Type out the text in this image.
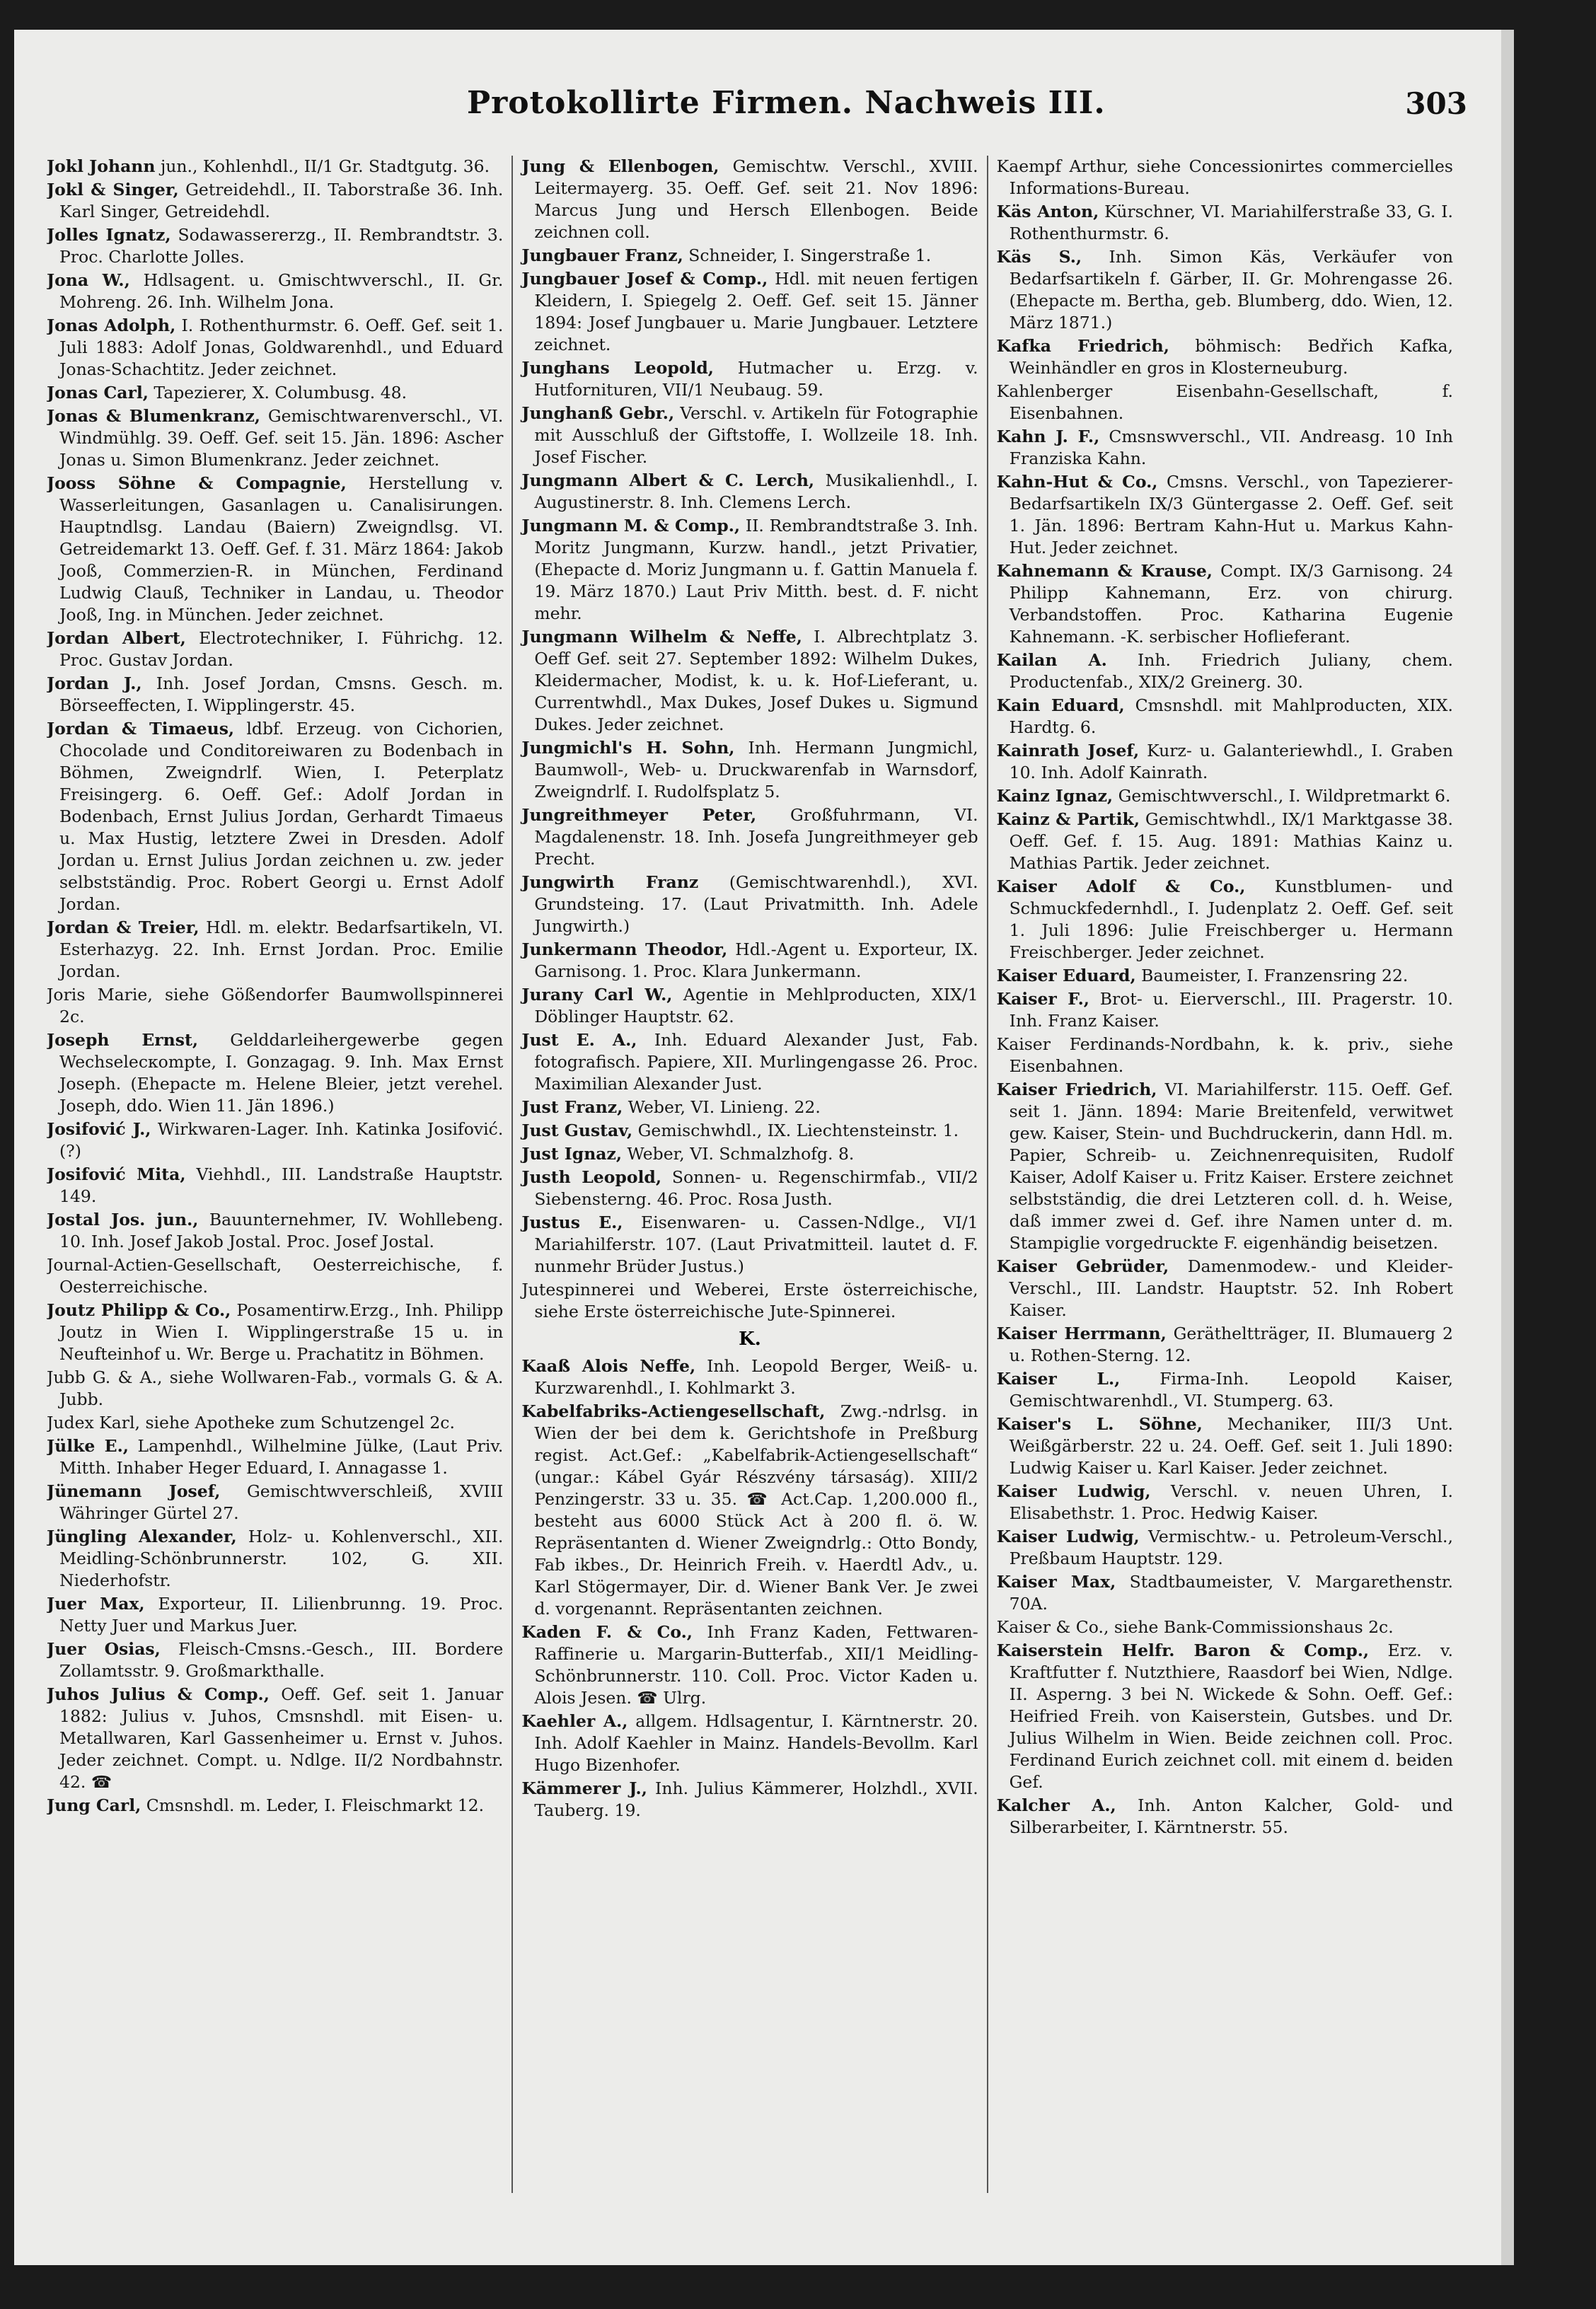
Protokollirte Firmen. Nachweis III.	303
Jokl Johann jun., Kohlenhdl., II/1 Gr. Stadtgutg. 36.
Jokl & Singer, Getreidehdl., II. Taborstraße 36. Inh. Karl Singer, Getreidehdl.
Jolles Ignatz, Sodawassererzg., II. Rembrandtstr. 3. Proc. Charlotte Jolles.
Jona W., Hdlsagent. u. Gmischtwverschl., II. Gr. Mohreng. 26. Inh. Wilhelm Jona.
Jonas Adolph, I. Rothenthurmstr. 6. Oeff. Gef. seit 1. Juli 1883: Adolf Jonas, Goldwarenhdl., und Eduard Jonas-Schachtitz. Jeder zeichnet.
Jonas Carl, Tapezierer, X. Columbusg. 48.
Jonas & Blumenkranz, Gemischtwarenverschl., VI. Windmühlg. 39. Oeff. Gef. seit 15. Jän. 1896: Ascher Jonas u. Simon Blumenkranz. Jeder zeichnet.
Jooss Söhne & Compagnie, Herstellung v. Wasserleitungen, Gasanlagen u. Canalisirungen. Hauptndlsg. Landau (Baiern) Zweigndlsg. VI. Getreidemarkt 13. Oeff. Gef. f. 31. März 1864: Jakob Jooß, Commerzien-R. in München, Ferdinand Ludwig Clauß, Techniker in Landau, u. Theodor Jooß, Ing. in München. Jeder zeichnet.
Jordan Albert, Electrotechniker, I. Führichg. 12. Proc. Gustav Jordan.
Jordan J., Inh. Josef Jordan, Cmsns. Gesch. m. Börseeffecten, I. Wipplingerstr. 45.
Jordan & Timaeus, ldbf. Erzeug. von Cichorien, Chocolade und Conditoreiwaren zu Bodenbach in Böhmen, Zweigndrlf. Wien, I. Peterplatz Freisingerg. 6. Oeff. Gef.: Adolf Jordan in Bodenbach, Ernst Julius Jordan, Gerhardt Timaeus u. Max Hustig, letztere Zwei in Dresden. Adolf Jordan u. Ernst Julius Jordan zeichnen u. zw. jeder selbstständig. Proc. Robert Georgi u. Ernst Adolf Jordan.
Jordan & Treier, Hdl. m. elektr. Bedarfsartikeln, VI. Esterhazyg. 22. Inh. Ernst Jordan. Proc. Emilie Jordan.
Joris Marie, siehe Gößendorfer Baumwollspinnerei 2c.
Joseph Ernst, Gelddarleihergewerbe gegen Wechseleскompte, I. Gonzagag. 9. Inh. Max Ernst Joseph. (Ehepacte m. Helene Bleier, jetzt verehel. Joseph, ddo. Wien 11. Jän 1896.)
Josifović J., Wirkwaren-Lager. Inh. Katinka Josifović. (?)
Josifović Mita, Viehhdl., III. Landstraße Hauptstr. 149.
Jostal Jos. jun., Bauunternehmer, IV. Wohllebeng. 10. Inh. Josef Jakob Jostal. Proc. Josef Jostal.
Journal-Actien-Gesellschaft, Oesterreichische, f. Oesterreichische.
Joutz Philipp & Co., Posamentirw.Erzg., Inh. Philipp Joutz in Wien I. Wipplingerstraße 15 u. in Neufteinhof u. Wr. Berge u. Prachatitz in Böhmen.
Jubb G. & A., siehe Wollwaren-Fab., vormals G. & A. Jubb.
Judex Karl, siehe Apotheke zum Schutzengel 2c.
Jülke E., Lampenhdl., Wilhelmine Jülke, (Laut Priv. Mitth. Inhaber Heger Eduard, I. Annagasse 1.
Jünemann Josef, Gemischtwverschleiß, XVIII Währinger Gürtel 27.
Jüngling Alexander, Holz- u. Kohlenverschl., XII. Meidling-Schönbrunnerstr. 102, G. XII. Niederhofstr.
Juer Max, Exporteur, II. Lilienbrunng. 19. Proc. Netty Juer und Markus Juer.
Juer Osias, Fleisch-Cmsns.-Gesch., III. Bordere Zollamtsstr. 9. Großmarkthalle.
Juhos Julius & Comp., Oeff. Gef. seit 1. Januar 1882: Julius v. Juhos, Cmsnshdl. mit Eisen- u. Metallwaren, Karl Gassenheimer u. Ernst v. Juhos. Jeder zeichnet. Compt. u. Ndlge. II/2 Nordbahnstr. 42. ☎
Jung Carl, Cmsnshdl. m. Leder, I. Fleischmarkt 12.
Jung & Ellenbogen, Gemischtw. Verschl., XVIII. Leitermayerg. 35. Oeff. Gef. seit 21. Nov 1896: Marcus Jung und Hersch Ellenbogen. Beide zeichnen coll.
Jungbauer Franz, Schneider, I. Singerstraße 1.
Jungbauer Josef & Comp., Hdl. mit neuen fertigen Kleidern, I. Spiegelg 2. Oeff. Gef. seit 15. Jänner 1894: Josef Jungbauer u. Marie Jungbauer. Letztere zeichnet.
Junghans Leopold, Hutmacher u. Erzg. v. Hutfornituren, VII/1 Neubaug. 59.
Junghanß Gebr., Verschl. v. Artikeln für Fotographie mit Ausschluß der Giftstoffe, I. Wollzeile 18. Inh. Josef Fischer.
Jungmann Albert & C. Lerch, Musikalienhdl., I. Augustinerstr. 8. Inh. Clemens Lerch.
Jungmann M. & Comp., II. Rembrandtstraße 3. Inh. Moritz Jungmann, Kurzw. handl., jetzt Privatier, (Ehepacte d. Moriz Jungmann u. f. Gattin Manuela f. 19. März 1870.) Laut Priv Mitth. best. d. F. nicht mehr.
Jungmann Wilhelm & Neffe, I. Albrechtplatz 3. Oeff Gef. seit 27. September 1892: Wilhelm Dukes, Kleidermacher, Modist, k. u. k. Hof-Lieferant, u. Currentwhdl., Max Dukes, Josef Dukes u. Sigmund Dukes. Jeder zeichnet.
Jungmichl's H. Sohn, Inh. Hermann Jungmichl, Baumwoll-, Web- u. Druckwarenfab in Warnsdorf, Zweigndrlf. I. Rudolfsplatz 5.
Jungreithmeyer Peter, Großfuhrmann, VI. Magdalenenstr. 18. Inh. Josefa Jungreithmeyer geb Precht.
Jungwirth Franz (Gemischtwarenhdl.), XVI. Grundsteing. 17. (Laut Privatmitth. Inh. Adele Jungwirth.)
Junkermann Theodor, Hdl.-Agent u. Exporteur, IX. Garnisong. 1. Proc. Klara Junkermann.
Jurany Carl W., Agentie in Mehlproducten, XIX/1 Döblinger Hauptstr. 62.
Just E. A., Inh. Eduard Alexander Just, Fab. fotografisch. Papiere, XII. Murlingengasse 26. Proc. Maximilian Alexander Just.
Just Franz, Weber, VI. Linieng. 22.
Just Gustav, Gemischwhdl., IX. Liechtensteinstr. 1.
Just Ignaz, Weber, VI. Schmalzhofg. 8.
Justh Leopold, Sonnen- u. Regenschirmfab., VII/2 Siebensterng. 46. Proc. Rosa Justh.
Justus E., Eisenwaren- u. Cassen-Ndlge., VI/1 Mariahilferstr. 107. (Laut Privatmitteil. lautet d. F. nunmehr Brüder Justus.)
Jutespinnerei und Weberei, Erste österreichische, siehe Erste österreichische Jute-Spinnerei.
K.
Kaaß Alois Neffe, Inh. Leopold Berger, Weiß- u. Kurzwarenhdl., I. Kohlmarkt 3.
Kabelfabriks-Actiengesellschaft, Zwg.-ndrlsg. in Wien der bei dem k. Gerichtshofe in Preßburg regist. Act.Gef.: „Kabelfabrik-Actiengesellschaft“ (ungar.: Kábel Gyár Részvény társaság). XIII/2 Penzingerstr. 33 u. 35. ☎ Act.Cap. 1,200.000 fl., besteht aus 6000 Stück Act à 200 fl. ö. W. Repräsentanten d. Wiener Zweigndrlg.: Otto Bondy, Fab ikbes., Dr. Heinrich Freih. v. Haerdtl Adv., u. Karl Stögermayer, Dir. d. Wiener Bank Ver. Je zwei d. vorgenannt. Repräsentanten zeichnen.
Kaden F. & Co., Inh Franz Kaden, Fettwaren-Raffinerie u. Margarin-Butterfab., XII/1 Meidling-Schönbrunnerstr. 110. Coll. Proc. Victor Kaden u. Alois Jesen. ☎ Ulrg.
Kaehler A., allgem. Hdlsagentur, I. Kärntnerstr. 20. Inh. Adolf Kaehler in Mainz. Handels-Bevollm. Karl Hugo Bizenhofer.
Kämmerer J., Inh. Julius Kämmerer, Holzhdl., XVII. Tauberg. 19.
Kaempf Arthur, siehe Concessionirtes commercielles Informations-Bureau.
Käs Anton, Kürschner, VI. Mariahilferstraße 33, G. I. Rothenthurmstr. 6.
Käs S., Inh. Simon Käs, Verkäufer von Bedarfsartikeln f. Gärber, II. Gr. Mohrengasse 26. (Ehepacte m. Bertha, geb. Blumberg, ddo. Wien, 12. März 1871.)
Kafka Friedrich, böhmisch: Bedřich Kafka, Weinhändler en gros in Klosterneuburg.
Kahlenberger Eisenbahn-Gesellschaft, f. Eisenbahnen.
Kahn J. F., Cmsnswverschl., VII. Andreasg. 10 Inh Franziska Kahn.
Kahn-Hut & Co., Cmsns. Verschl., von Tapezierer-Bedarfsartikeln IX/3 Güntergasse 2. Oeff. Gef. seit 1. Jän. 1896: Bertram Kahn-Hut u. Markus Kahn-Hut. Jeder zeichnet.
Kahnemann & Krause, Compt. IX/3 Garnisong. 24 Philipp Kahnemann, Erz. von chirurg. Verbandstoffen. Proc. Katharina Eugenie Kahnemann. -K. serbischer Hoflieferant.
Kailan A. Inh. Friedrich Juliany, chem. Productenfab., XIX/2 Greinerg. 30.
Kain Eduard, Cmsnshdl. mit Mahlproducten, XIX. Hardtg. 6.
Kainrath Josef, Kurz- u. Galanteriewhdl., I. Graben 10. Inh. Adolf Kainrath.
Kainz Ignaz, Gemischtwverschl., I. Wildpretmarkt 6.
Kainz & Partik, Gemischtwhdl., IX/1 Marktgasse 38. Oeff. Gef. f. 15. Aug. 1891: Mathias Kainz u. Mathias Partik. Jeder zeichnet.
Kaiser Adolf & Co., Kunstblumen- und Schmuckfedernhdl., I. Judenplatz 2. Oeff. Gef. seit 1. Juli 1896: Julie Freischberger u. Hermann Freischberger. Jeder zeichnet.
Kaiser Eduard, Baumeister, I. Franzensring 22.
Kaiser F., Brot- u. Eierverschl., III. Pragerstr. 10. Inh. Franz Kaiser.
Kaiser Ferdinands-Nordbahn, k. k. priv., siehe Eisenbahnen.
Kaiser Friedrich, VI. Mariahilferstr. 115. Oeff. Gef. seit 1. Jänn. 1894: Marie Breitenfeld, verwitwet gew. Kaiser, Stein- und Buchdruckerin, dann Hdl. m. Papier, Schreib- u. Zeichnenrequisiten, Rudolf Kaiser, Adolf Kaiser u. Fritz Kaiser. Erstere zeichnet selbstständig, die drei Letzteren coll. d. h. Weise, daß immer zwei d. Gef. ihre Namen unter d. m. Stampiglie vorgedruckte F. eigenhändig beisetzen.
Kaiser Gebrüder, Damenmodew.- und Kleider-Verschl., III. Landstr. Hauptstr. 52. Inh Robert Kaiser.
Kaiser Herrmann, Gerätheltträger, II. Blumauerg 2 u. Rothen-Sterng. 12.
Kaiser L., Firma-Inh. Leopold Kaiser, Gemischtwarenhdl., VI. Stumperg. 63.
Kaiser's L. Söhne, Mechaniker, III/3 Unt. Weißgärberstr. 22 u. 24. Oeff. Gef. seit 1. Juli 1890: Ludwig Kaiser u. Karl Kaiser. Jeder zeichnet.
Kaiser Ludwig, Verschl. v. neuen Uhren, I. Elisabethstr. 1. Proc. Hedwig Kaiser.
Kaiser Ludwig, Vermischtw.- u. Petroleum-Verschl., Preßbaum Hauptstr. 129.
Kaiser Max, Stadtbaumeister, V. Margarethenstr. 70A.
Kaiser & Co., siehe Bank-Commissionshaus 2c.
Kaiserstein Helfr. Baron & Comp., Erz. v. Kraftfutter f. Nutzthiere, Raasdorf bei Wien, Ndlge. II. Asperng. 3 bei N. Wickede & Sohn. Oeff. Gef.: Heifried Freih. von Kaiserstein, Gutsbes. und Dr. Julius Wilhelm in Wien. Beide zeichnen coll. Proc. Ferdinand Eurich zeichnet coll. mit einem d. beiden Gef.
Kalcher A., Inh. Anton Kalcher, Gold- und Silberarbeiter, I. Kärntnerstr. 55.
